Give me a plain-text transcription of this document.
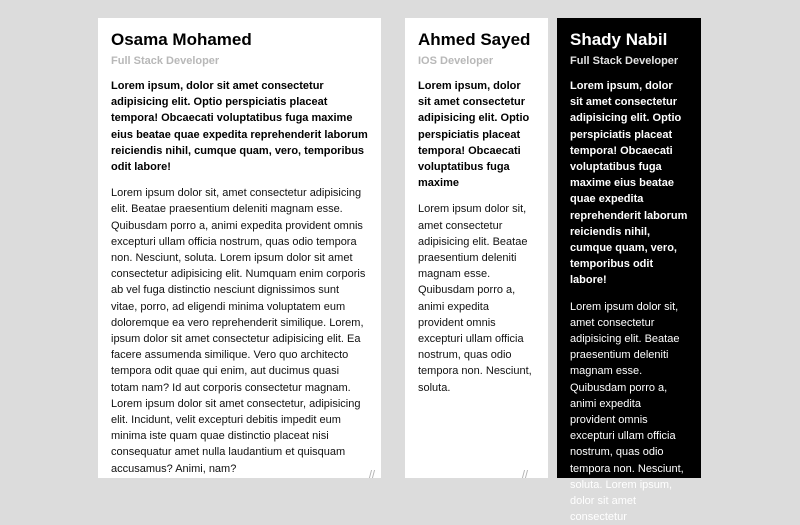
Osama Mohamed

Full Stack Developer

Lorem ipsum, dolor sit amet consectetur adipisicing elit. Optio perspiciatis placeat tempora! Obcaecati voluptatibus fuga maxime eius beatae quae expedita reprehenderit laborum reiciendis nihil, cumque quam, vero, temporibus odit labore!

Lorem ipsum dolor sit, amet consectetur adipisicing elit. Beatae praesentium deleniti magnam esse. Quibusdam porro a, animi expedita provident omnis excepturi ullam officia nostrum, quas odio tempora non. Nesciunt, soluta. Lorem ipsum dolor sit amet consectetur adipisicing elit. Numquam enim corporis ab vel fuga distinctio nesciunt dignissimos sunt vitae, porro, ad eligendi minima voluptatem eum doloremque ea vero reprehenderit similique. Lorem, ipsum dolor sit amet consectetur adipisicing elit. Ea facere assumenda similique. Vero quo architecto tempora odit quae qui enim, aut ducimus quasi totam nam? Id aut corporis consectetur magnam. Lorem ipsum dolor sit amet consectetur, adipisicing elit. Incidunt, velit excepturi debitis impedit eum minima iste quam quae distinctio placeat nisi consequatur amet nulla laudantium et quisquam accusamus? Animi, nam?

Ahmed Sayed

IOS Developer

Lorem ipsum, dolor sit amet consectetur adipisicing elit. Optio perspiciatis placeat tempora! Obcaecati voluptatibus fuga maxime

Lorem ipsum dolor sit, amet consectetur adipisicing elit. Beatae praesentium deleniti magnam esse. Quibusdam porro a, animi expedita provident omnis excepturi ullam officia nostrum, quas odio tempora non. Nesciunt, soluta.

Shady Nabil

Full Stack Developer

Lorem ipsum, dolor sit amet consectetur adipisicing elit. Optio perspiciatis placeat tempora! Obcaecati voluptatibus fuga maxime eius beatae quae expedita reprehenderit laborum reiciendis nihil, cumque quam, vero, temporibus odit labore!

Lorem ipsum dolor sit, amet consectetur adipisicing elit. Beatae praesentium deleniti magnam esse. Quibusdam porro a, animi expedita provident omnis excepturi ullam officia nostrum, quas odio tempora non. Nesciunt, soluta. Lorem ipsum, dolor sit amet consectetur
